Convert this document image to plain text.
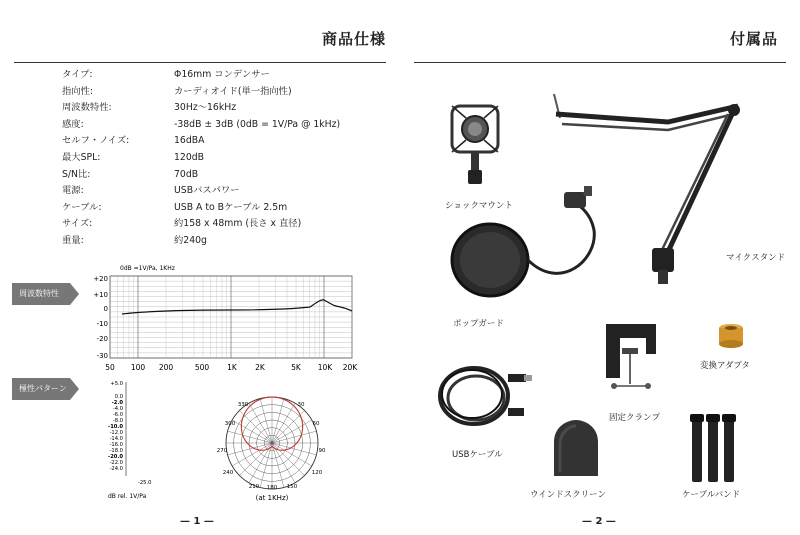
商品仕様
タイプ:	Φ16mm コンデンサー
指向性:	カーディオイド(単一指向性)
周波数特性:	30Hz〜16kHz
感度:	-38dB ± 3dB (0dB = 1V/Pa @ 1kHz)
セルフ・ノイズ:	16dBA
最大SPL:	120dB
S/N比:	70dB
電源:	USBバスパワー
ケーブル:	USB A to Bケーブル 2.5m
サイズ:	約158 x 48mm (長さ x 直径)
重量:	約240g
周波数特性
極性パターン
0dB =1V/Pa, 1KHz
+20
+10
0
-10
-20
-30
50 100 200	500 1K 2K	5K 10K 20K
+5.0
0.0
-2.0
-4.0
-6.0
-8.0
-10.0
-12.0
-14.0
-16.0
-18.0
-20.0
-22.0
-24.0
-25.0
dB rel. 1V/Pa
330	30
300	60
270	90
240	120
210	150
180
(at 1KHz)
— 1 —
付属品
ショックマウント
マイクスタンド
ポップガード
固定クランプ
変換アダプタ
USBケーブル
ウインドスクリーン	ケーブルバンド
— 2 —
